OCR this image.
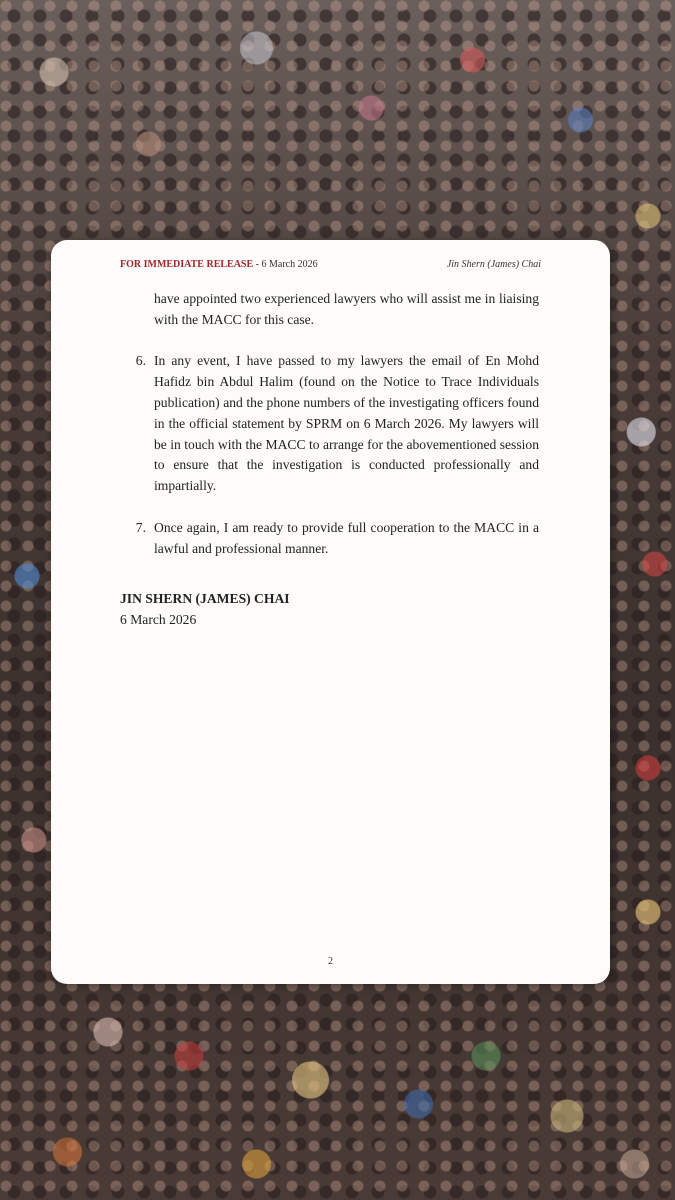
FOR IMMEDIATE RELEASE - 6 March 2026	Jin Shern (James) Chai

have appointed two experienced lawyers who will assist me in liaising with the MACC for this case.

6. In any event, I have passed to my lawyers the email of En Mohd Hafidz bin Abdul Halim (found on the Notice to Trace Individuals publication) and the phone numbers of the investigating officers found in the official statement by SPRM on 6 March 2026. My lawyers will be in touch with the MACC to arrange for the abovementioned session to ensure that the investigation is conducted professionally and impartially.
7. Once again, I am ready to provide full cooperation to the MACC in a lawful and professional manner.
JIN SHERN (JAMES) CHAI
6 March 2026
2
